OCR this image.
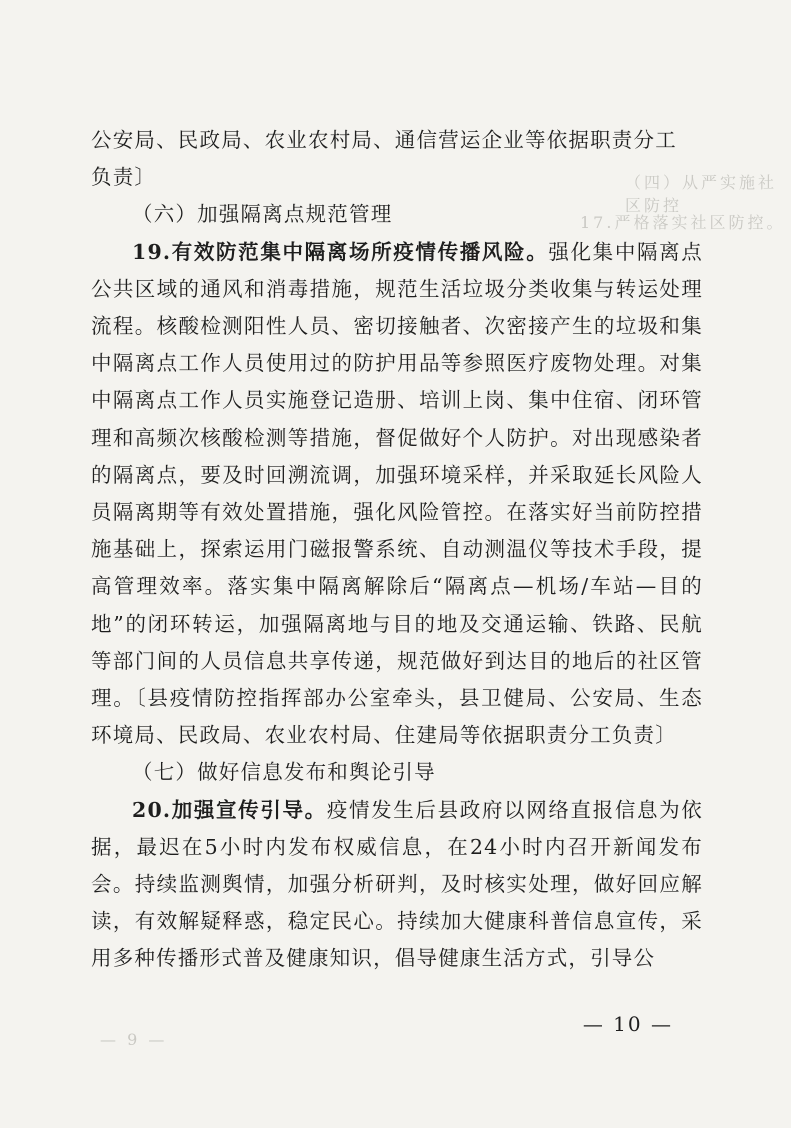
（四）从严实施社区防控
17.严格落实社区防控。
— 9 —

公安局、民政局、农业农村局、通信营运企业等依据职责分工

负责〕

（六）加强隔离点规范管理

19.有效防范集中隔离场所疫情传播风险。强化集中隔离点公共区域的通风和消毒措施，规范生活垃圾分类收集与转运处理流程。核酸检测阳性人员、密切接触者、次密接产生的垃圾和集中隔离点工作人员使用过的防护用品等参照医疗废物处理。对集中隔离点工作人员实施登记造册、培训上岗、集中住宿、闭环管理和高频次核酸检测等措施，督促做好个人防护。对出现感染者的隔离点，要及时回溯流调，加强环境采样，并采取延长风险人员隔离期等有效处置措施，强化风险管控。在落实好当前防控措施基础上，探索运用门磁报警系统、自动测温仪等技术手段，提高管理效率。落实集中隔离解除后“隔离点—机场/车站—目的地”的闭环转运，加强隔离地与目的地及交通运输、铁路、民航等部门间的人员信息共享传递，规范做好到达目的地后的社区管理。〔县疫情防控指挥部办公室牵头，县卫健局、公安局、生态环境局、民政局、农业农村局、住建局等依据职责分工负责〕

（七）做好信息发布和舆论引导

20.加强宣传引导。疫情发生后县政府以网络直报信息为依据，最迟在5小时内发布权威信息，在24小时内召开新闻发布会。持续监测舆情，加强分析研判，及时核实处理，做好回应解读，有效解疑释惑，稳定民心。持续加大健康科普信息宣传，采用多种传播形式普及健康知识，倡导健康生活方式，引导公

— 10 —
